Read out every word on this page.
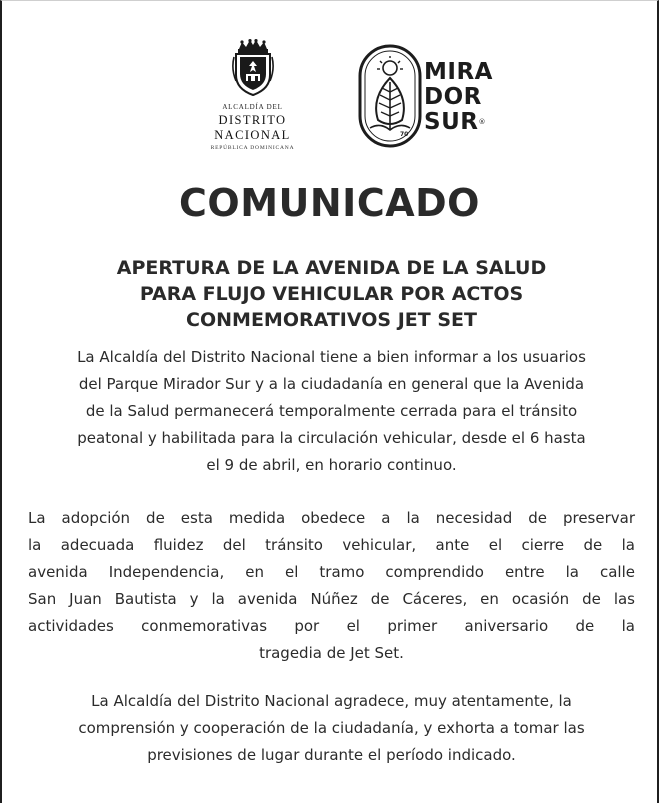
ALCALDÍA DEL
DISTRITO NACIONAL
REPÚBLICA DOMINICANA
70
MIRA
DOR
SUR®
COMUNICADO
APERTURA DE LA AVENIDA DE LA SALUD
PARA FLUJO VEHICULAR POR ACTOS
CONMEMORATIVOS JET SET
La Alcaldía del Distrito Nacional tiene a bien informar a los usuarios
del Parque Mirador Sur y a la ciudadanía en general que la Avenida
de la Salud permanecerá temporalmente cerrada para el tránsito
peatonal y habilitada para la circulación vehicular, desde el 6 hasta
el 9 de abril, en horario continuo.
La adopción de esta medida obedece a la necesidad de preservar
la adecuada fluidez del tránsito vehicular, ante el cierre de la
avenida Independencia, en el tramo comprendido entre la calle
San Juan Bautista y la avenida Núñez de Cáceres, en ocasión de las
actividades conmemorativas por el primer aniversario de la
tragedia de Jet Set.
La Alcaldía del Distrito Nacional agradece, muy atentamente, la
comprensión y cooperación de la ciudadanía, y exhorta a tomar las
previsiones de lugar durante el período indicado.
